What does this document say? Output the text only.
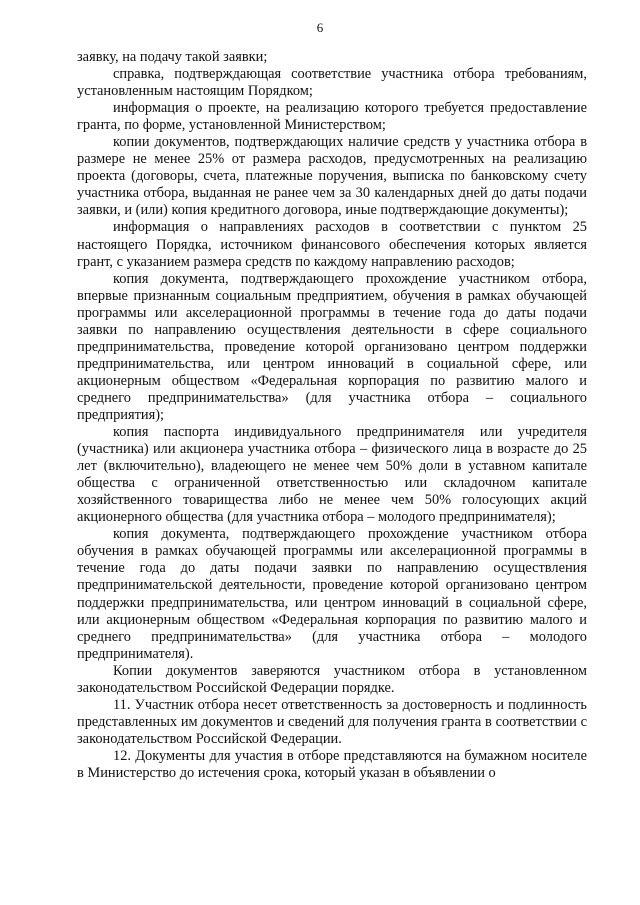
6

заявку, на подачу такой заявки;

справка, подтверждающая соответствие участника отбора требованиям, установленным настоящим Порядком;

информация о проекте, на реализацию которого требуется предоставление гранта, по форме, установленной Министерством;

копии документов, подтверждающих наличие средств у участника отбора в размере не менее 25% от размера расходов, предусмотренных на реализацию проекта (договоры, счета, платежные поручения, выписка по банковскому счету участника отбора, выданная не ранее чем за 30 календарных дней до даты подачи заявки, и (или) копия кредитного договора, иные подтверждающие документы);

информация о направлениях расходов в соответствии с пунктом 25 настоящего Порядка, источником финансового обеспечения которых является грант, с указанием размера средств по каждому направлению расходов;

копия документа, подтверждающего прохождение участником отбора, впервые признанным социальным предприятием, обучения в рамках обучающей программы или акселерационной программы в течение года до даты подачи заявки по направлению осуществления деятельности в сфере социального предпринимательства, проведение которой организовано центром поддержки предпринимательства, или центром инноваций в социальной сфере, или акционерным обществом «Федеральная корпорация по развитию малого и среднего предпринимательства» (для участника отбора – социального предприятия);

копия паспорта индивидуального предпринимателя или учредителя (участника) или акционера участника отбора – физического лица в возрасте до 25 лет (включительно), владеющего не менее чем 50% доли в уставном капитале общества с ограниченной ответственностью или складочном капитале хозяйственного товарищества либо не менее чем 50% голосующих акций акционерного общества (для участника отбора – молодого предпринимателя);

копия документа, подтверждающего прохождение участником отбора обучения в рамках обучающей программы или акселерационной программы в течение года до даты подачи заявки по направлению осуществления предпринимательской деятельности, проведение которой организовано центром поддержки предпринимательства, или центром инноваций в социальной сфере, или акционерным обществом «Федеральная корпорация по развитию малого и среднего предпринимательства» (для участника отбора – молодого предпринимателя).

Копии документов заверяются участником отбора в установленном законодательством Российской Федерации порядке.

11. Участник отбора несет ответственность за достоверность и подлинность представленных им документов и сведений для получения гранта в соответствии с законодательством Российской Федерации.

12. Документы для участия в отборе представляются на бумажном носителе в Министерство до истечения срока, который указан в объявлении о
